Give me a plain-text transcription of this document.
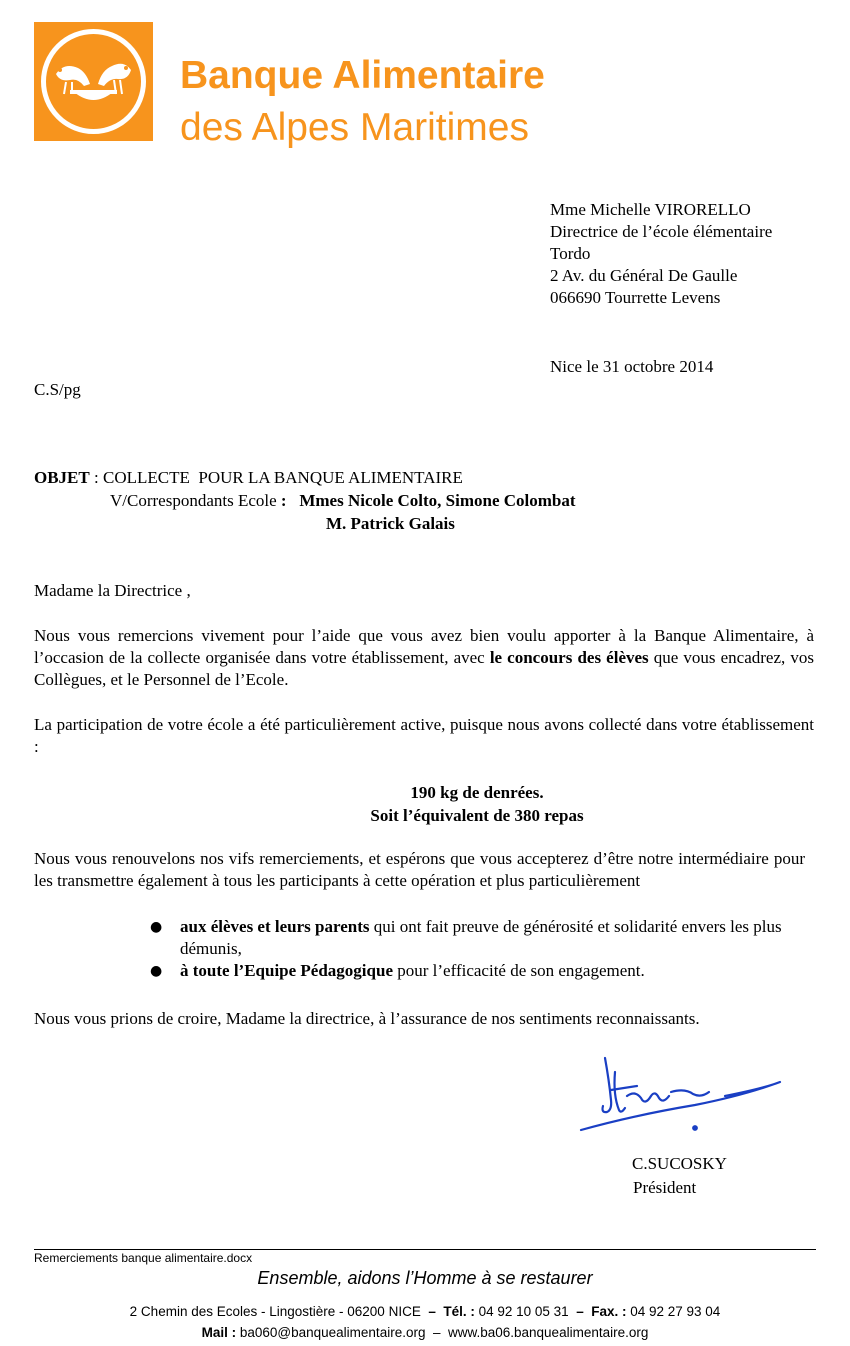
Banque Alimentaire
des Alpes Maritimes
Mme Michelle VIRORELLO
Directrice de l’école élémentaire
Tordo
2 Av. du Général De Gaulle
066690 Tourrette Levens
Nice le 31 octobre 2014
C.S/pg
OBJET : COLLECTE  POUR LA BANQUE ALIMENTAIRE
V/Correspondants Ecole :   Mmes Nicole Colto, Simone Colombat
M. Patrick Galais
Madame la Directrice ,
Nous vous remercions vivement pour l’aide que vous avez bien voulu apporter à la Banque Alimentaire, à l’occasion de la collecte organisée dans votre établissement, avec le concours des élèves que vous encadrez, vos Collègues, et le Personnel de l’Ecole.
La participation de votre école a été particulièrement active, puisque nous avons collecté dans votre établissement :
190 kg de denrées.
Soit l’équivalent de 380 repas
Nous vous renouvelons nos vifs remerciements, et espérons que vous accepterez d’être notre intermédiaire pour les transmettre également à tous les participants à cette opération et plus particulièrement
●	aux élèves et leurs parents qui ont fait preuve de générosité et solidarité envers les plus démunis,
●	à toute l’Equipe Pédagogique pour l’efficacité de son engagement.
Nous vous prions de croire, Madame la directrice, à l’assurance de nos sentiments reconnaissants.
C.SUCOSKY
Président
Remerciements banque alimentaire.docx
Ensemble, aidons l’Homme à se restaurer
2 Chemin des Ecoles - Lingostière - 06200 NICE  –  Tél. : 04 92 10 05 31  –  Fax. : 04 92 27 93 04
Mail : ba060@banquealimentaire.org  –  www.ba06.banquealimentaire.org
